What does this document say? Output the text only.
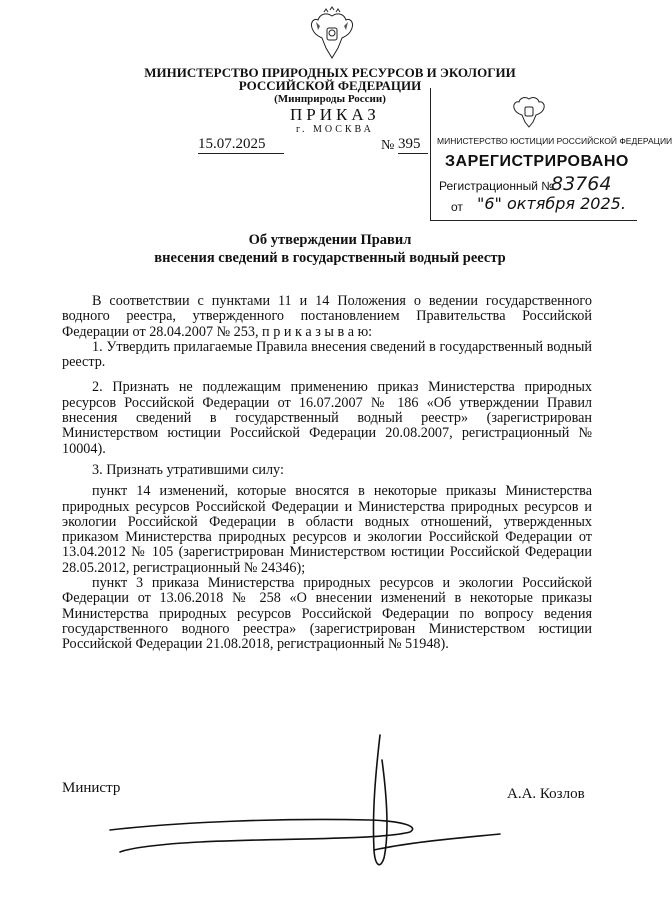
МИНИСТЕРСТВО ПРИРОДНЫХ РЕСУРСОВ И ЭКОЛОГИИ
РОССИЙСКОЙ ФЕДЕРАЦИИ
(Минприроды России)
ПРИКАЗ
г. МОСКВА
15.07.2025	№ 395	МИНИСТЕРСТВО ЮСТИЦИИ РОССИЙСКОЙ ФЕДЕРАЦИИ
ЗАРЕГИСТРИРОВАНО
Регистрационный №
83764
от "6" октября 2025.
Об утверждении Правил
внесения сведений в государственный водный реестр

В соответствии с пунктами 11 и 14 Положения о ведении государственного водного реестра, утвержденного постановлением Правительства Российской Федерации от 28.04.2007 № 253, п р и к а з ы в а ю:

1. Утвердить прилагаемые Правила внесения сведений в государственный водный реестр.

2. Признать не подлежащим применению приказ Министерства природных ресурсов Российской Федерации от 16.07.2007 № 186 «Об утверждении Правил внесения сведений в государственный водный реестр» (зарегистрирован Министерством юстиции Российской Федерации 20.08.2007, регистрационный № 10004).

3. Признать утратившими силу:

пункт 14 изменений, которые вносятся в некоторые приказы Министерства природных ресурсов Российской Федерации и Министерства природных ресурсов и экологии Российской Федерации в области водных отношений, утвержденных приказом Министерства природных ресурсов и экологии Российской Федерации от 13.04.2012 № 105 (зарегистрирован Министерством юстиции Российской Федерации 28.05.2012, регистрационный № 24346);

пункт 3 приказа Министерства природных ресурсов и экологии Российской Федерации от 13.06.2018 № 258 «О внесении изменений в некоторые приказы Министерства природных ресурсов Российской Федерации по вопросу ведения государственного водного реестра» (зарегистрирован Министерством юстиции Российской Федерации 21.08.2018, регистрационный № 51948).

Министр	А.А. Козлов
